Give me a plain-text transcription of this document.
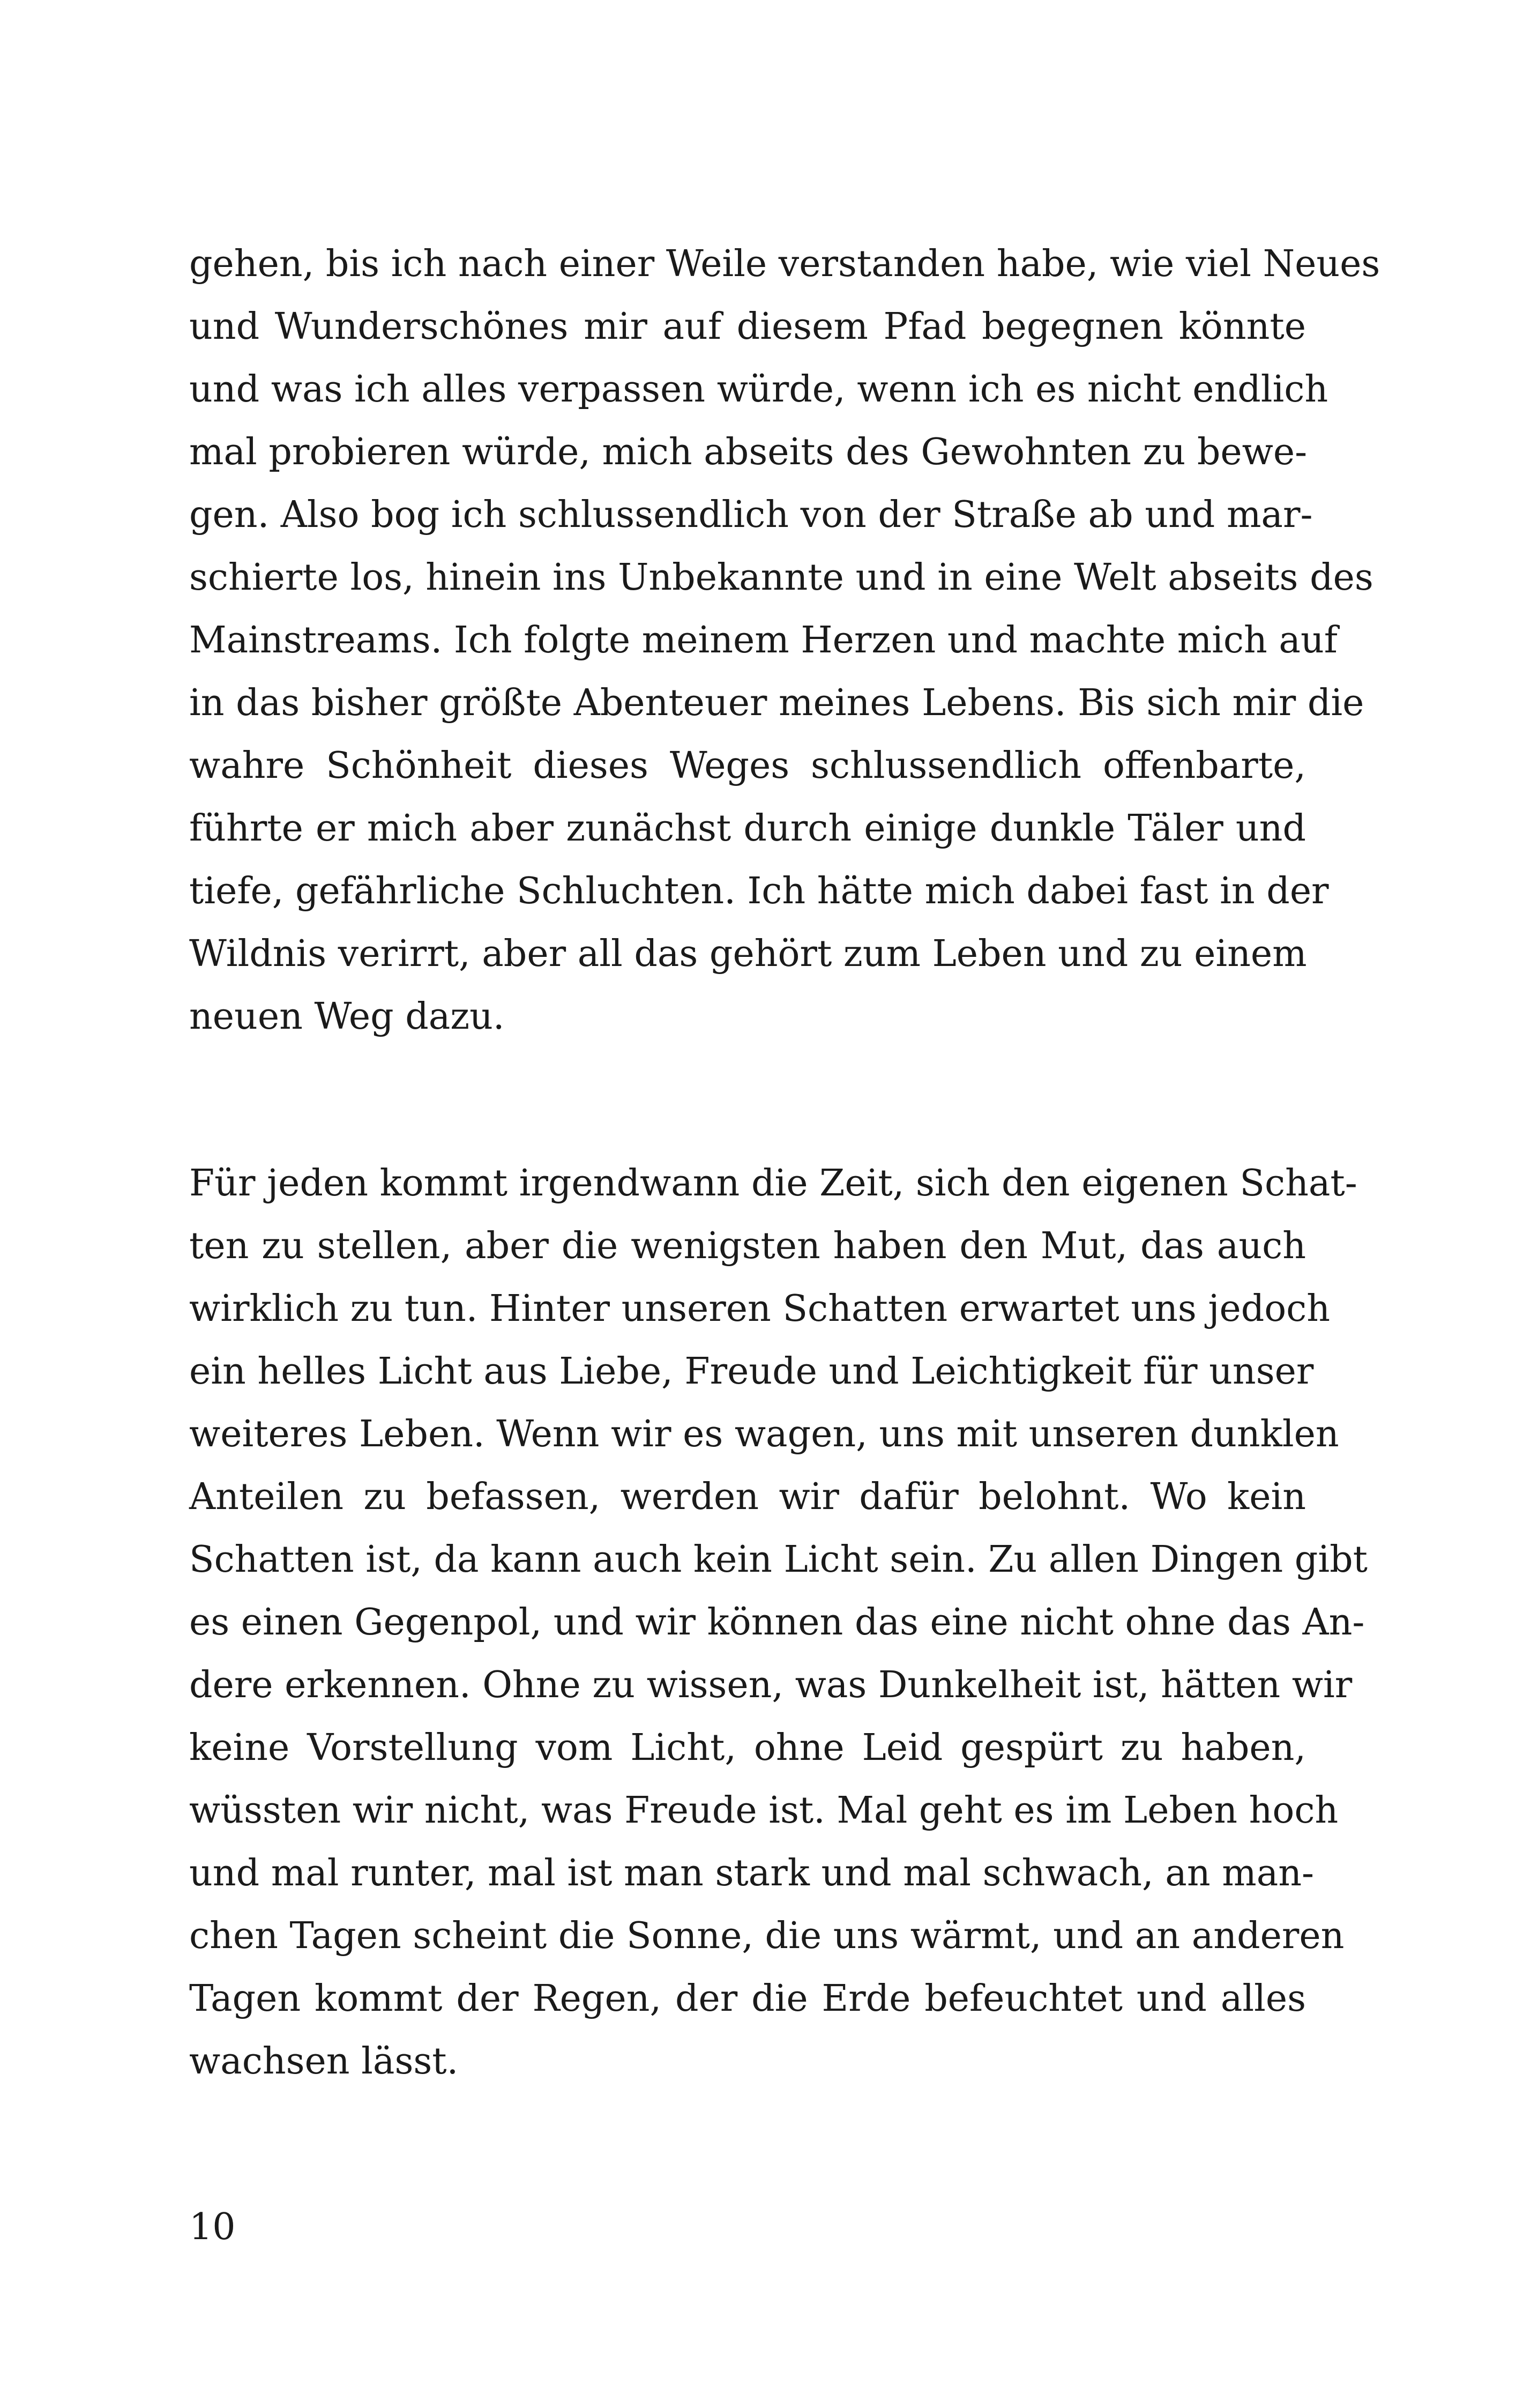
gehen, bis ich nach einer Weile verstanden habe, wie viel Neues
und Wunderschönes mir auf diesem Pfad begegnen könnte
und was ich alles verpassen würde, wenn ich es nicht endlich
mal probieren würde, mich abseits des Gewohnten zu bewe-
gen. Also bog ich schlussendlich von der Straße ab und mar-
schierte los, hinein ins Unbekannte und in eine Welt abseits des
Mainstreams. Ich folgte meinem Herzen und machte mich auf
in das bisher größte Abenteuer meines Lebens. Bis sich mir die
wahre Schönheit dieses Weges schlussendlich offenbarte,
führte er mich aber zunächst durch einige dunkle Täler und
tiefe, gefährliche Schluchten. Ich hätte mich dabei fast in der
Wildnis verirrt, aber all das gehört zum Leben und zu einem
neuen Weg dazu.
Für jeden kommt irgendwann die Zeit, sich den eigenen Schat-
ten zu stellen, aber die wenigsten haben den Mut, das auch
wirklich zu tun. Hinter unseren Schatten erwartet uns jedoch
ein helles Licht aus Liebe, Freude und Leichtigkeit für unser
weiteres Leben. Wenn wir es wagen, uns mit unseren dunklen
Anteilen zu befassen, werden wir dafür belohnt. Wo kein
Schatten ist, da kann auch kein Licht sein. Zu allen Dingen gibt
es einen Gegenpol, und wir können das eine nicht ohne das An-
dere erkennen. Ohne zu wissen, was Dunkelheit ist, hätten wir
keine Vorstellung vom Licht, ohne Leid gespürt zu haben,
wüssten wir nicht, was Freude ist. Mal geht es im Leben hoch
und mal runter, mal ist man stark und mal schwach, an man-
chen Tagen scheint die Sonne, die uns wärmt, und an anderen
Tagen kommt der Regen, der die Erde befeuchtet und alles
wachsen lässt.
10
